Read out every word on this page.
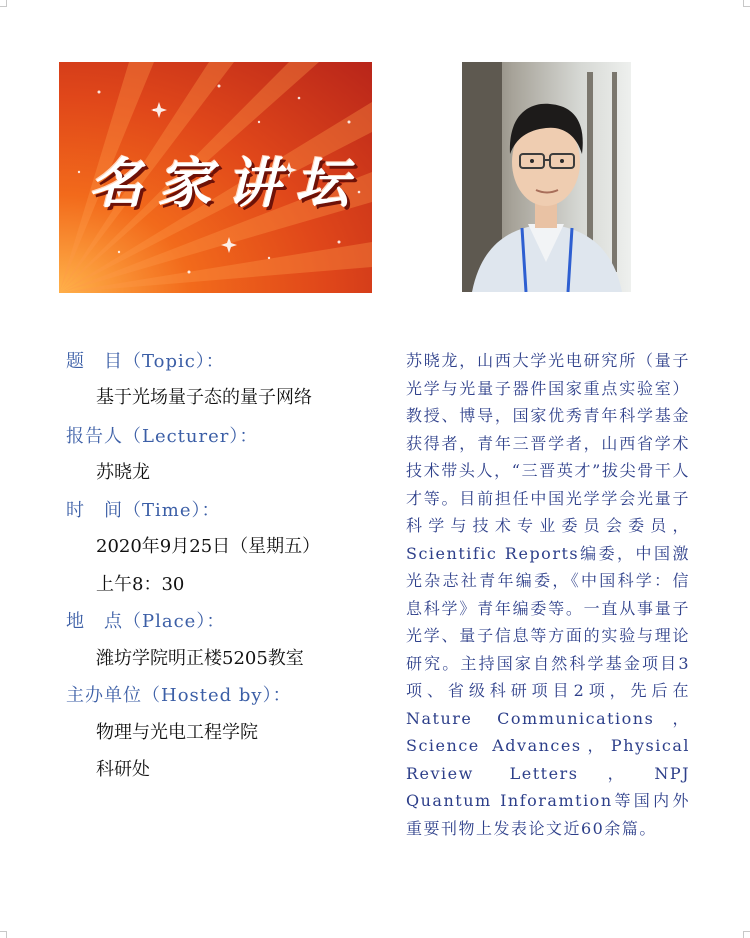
名 家 讲 坛
题　目（Topic）：
基于光场量子态的量子网络
报告人（Lecturer）：
苏晓龙
时　间（Time）：
2020年9月25日（星期五）
上午8：30
地　点（Place）：
潍坊学院明正楼5205教室
主办单位（Hosted by）：
物理与光电工程学院
科研处
苏晓龙，山西大学光电研究所（量子光学与光量子器件国家重点实验室）教授、博导，国家优秀青年科学基金获得者，青年三晋学者，山西省学术技术带头人，“三晋英才”拔尖骨干人才等。目前担任中国光学学会光量子科学与技术专业委员会委员，Scientific Reports编委，中国激光杂志社青年编委，《中国科学：信息科学》青年编委等。一直从事量子光学、量子信息等方面的实验与理论研究。主持国家自然科学基金项目3项、省级科研项目2项，先后在Nature Communications，Science Advances，Physical Review Letters，NPJ Quantum Inforamtion等国内外重要刊物上发表论文近60余篇。
